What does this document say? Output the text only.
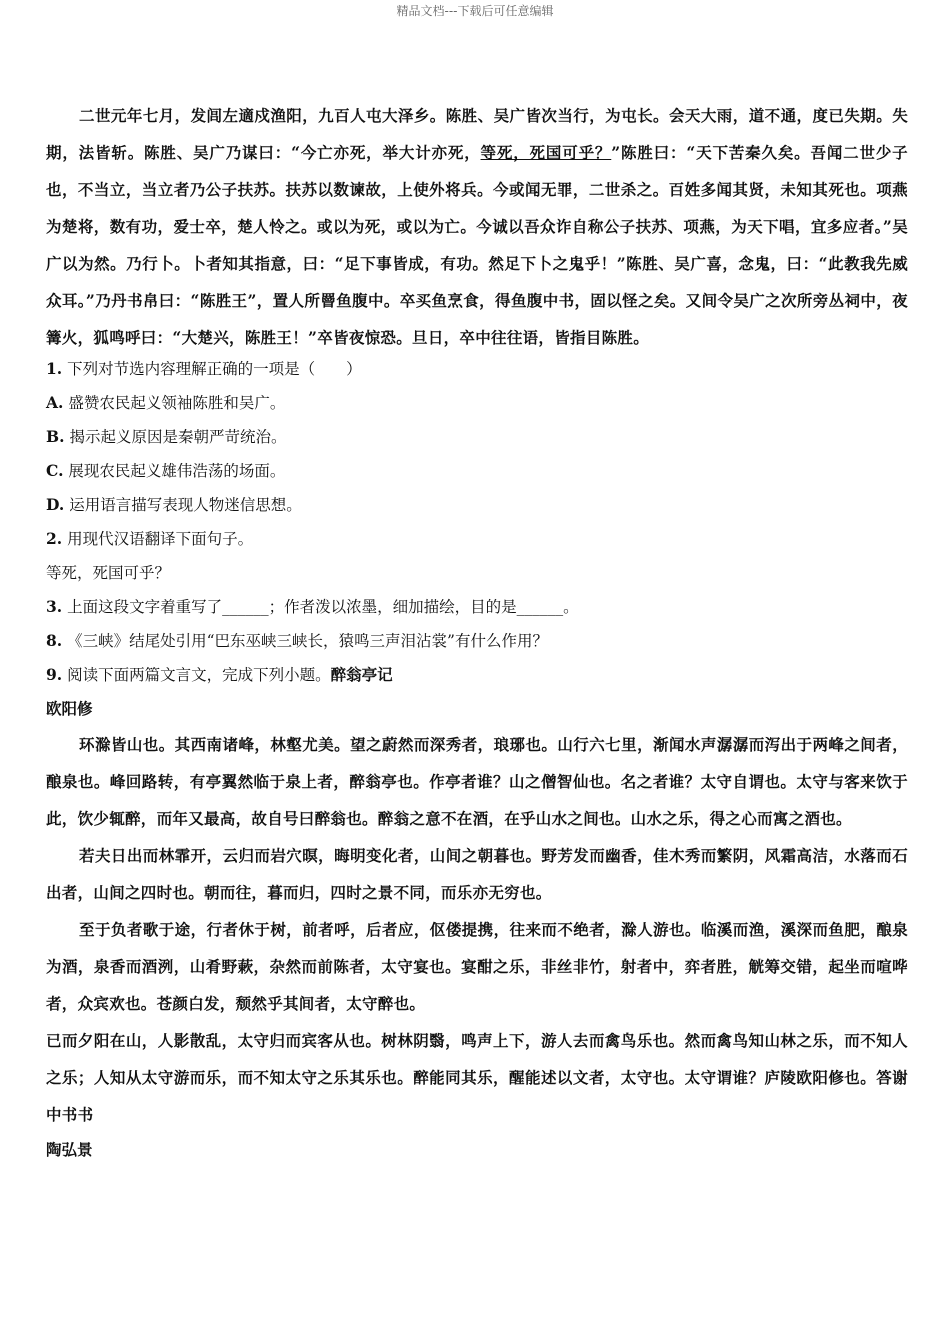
精品文档---下载后可任意编辑

二世元年七月，发闾左適戍渔阳，九百人屯大泽乡。陈胜、吴广皆次当行，为屯长。会天大雨，道不通，度已失期。失期，法皆斩。陈胜、吴广乃谋曰：“今亡亦死，举大计亦死，等死，死国可乎？”陈胜曰：“天下苦秦久矣。吾闻二世少子也，不当立，当立者乃公子扶苏。扶苏以数谏故，上使外将兵。今或闻无罪，二世杀之。百姓多闻其贤，未知其死也。项燕为楚将，数有功，爱士卒，楚人怜之。或以为死，或以为亡。今诚以吾众诈自称公子扶苏、项燕，为天下唱，宜多应者。”吴广以为然。乃行卜。卜者知其指意，曰：“足下事皆成，有功。然足下卜之鬼乎！”陈胜、吴广喜，念鬼，曰：“此教我先威众耳。”乃丹书帛曰：“陈胜王”，置人所罾鱼腹中。卒买鱼烹食，得鱼腹中书，固以怪之矣。又间令吴广之次所旁丛祠中，夜篝火，狐鸣呼曰：“大楚兴，陈胜王！”卒皆夜惊恐。旦日，卒中往往语，皆指目陈胜。

1. 下列对节选内容理解正确的一项是（　　）

A. 盛赞农民起义领袖陈胜和吴广。

B. 揭示起义原因是秦朝严苛统治。

C. 展现农民起义雄伟浩荡的场面。

D. 运用语言描写表现人物迷信思想。

2. 用现代汉语翻译下面句子。

等死，死国可乎？

3. 上面这段文字着重写了______；作者泼以浓墨，细加描绘，目的是______。

8. 《三峡》结尾处引用“巴东巫峡三峡长，猿鸣三声泪沾裳”有什么作用？

9. 阅读下面两篇文言文，完成下列小题。醉翁亭记

欧阳修

环滁皆山也。其西南诸峰，林壑尤美。望之蔚然而深秀者，琅琊也。山行六七里，渐闻水声潺潺而泻出于两峰之间者，酿泉也。峰回路转，有亭翼然临于泉上者，醉翁亭也。作亭者谁？山之僧智仙也。名之者谁？太守自谓也。太守与客来饮于此，饮少辄醉，而年又最高，故自号曰醉翁也。醉翁之意不在酒，在乎山水之间也。山水之乐，得之心而寓之酒也。

若夫日出而林霏开，云归而岩穴暝，晦明变化者，山间之朝暮也。野芳发而幽香，佳木秀而繁阴，风霜高洁，水落而石出者，山间之四时也。朝而往，暮而归，四时之景不同，而乐亦无穷也。

至于负者歌于途，行者休于树，前者呼，后者应，伛偻提携，往来而不绝者，滁人游也。临溪而渔，溪深而鱼肥，酿泉为酒，泉香而酒洌，山肴野蔌，杂然而前陈者，太守宴也。宴酣之乐，非丝非竹，射者中，弈者胜，觥筹交错，起坐而喧哗者，众宾欢也。苍颜白发，颓然乎其间者，太守醉也。

已而夕阳在山，人影散乱，太守归而宾客从也。树林阴翳，鸣声上下，游人去而禽鸟乐也。然而禽鸟知山林之乐，而不知人之乐；人知从太守游而乐，而不知太守之乐其乐也。醉能同其乐，醒能述以文者，太守也。太守谓谁？庐陵欧阳修也。答谢中书书

陶弘景
